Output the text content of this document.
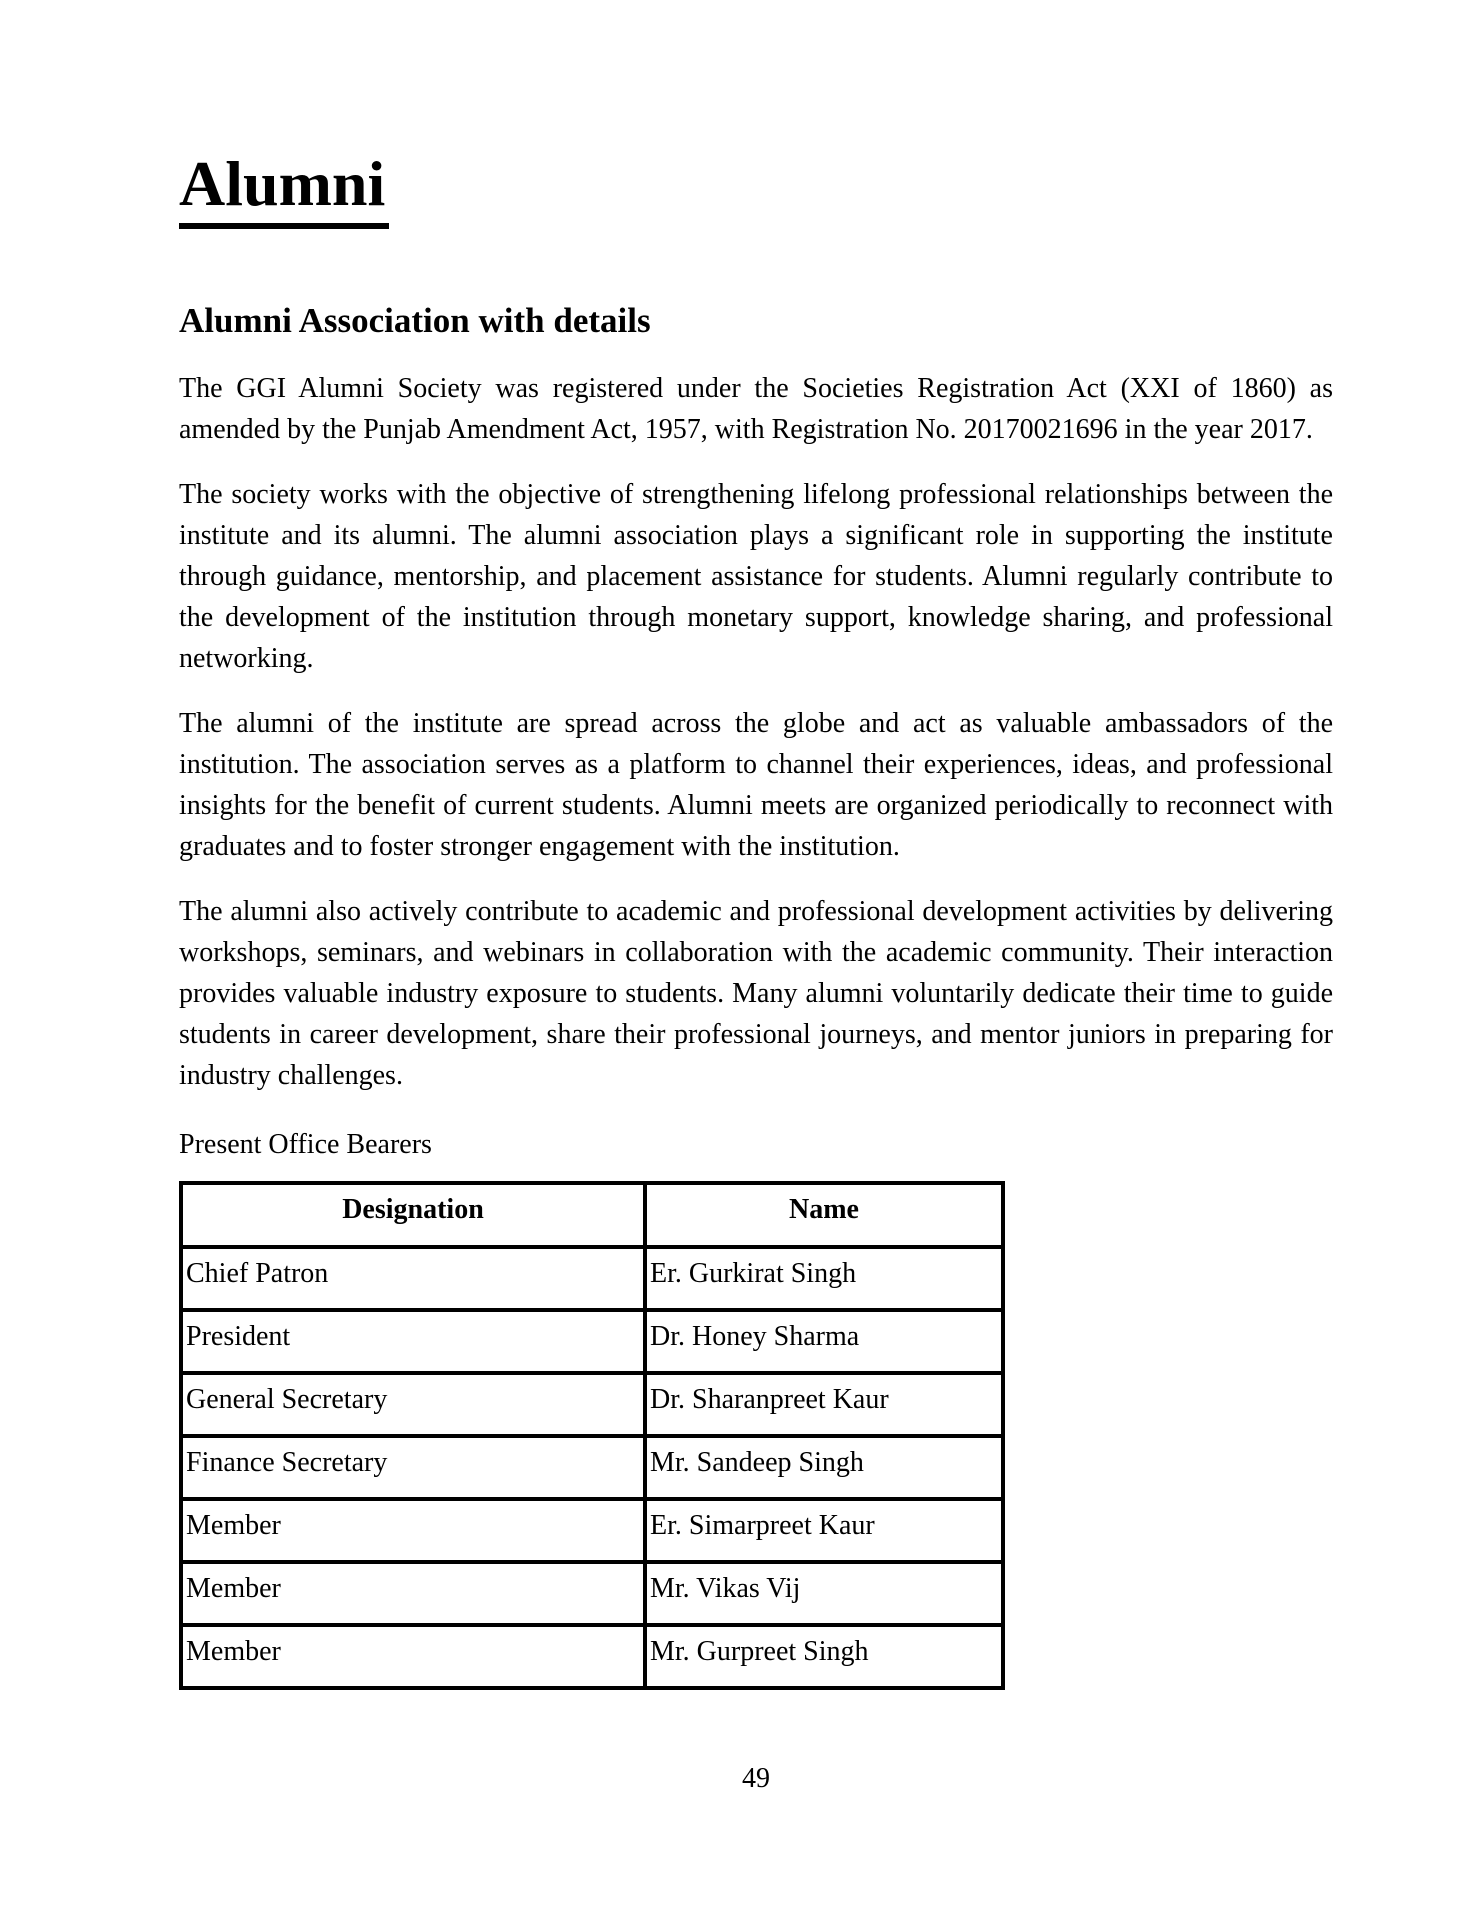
Alumni
Alumni Association with details

The GGI Alumni Society was registered under the Societies Registration Act (XXI of 1860) as amended by the Punjab Amendment Act, 1957, with Registration No. 20170021696 in the year 2017.

The society works with the objective of strengthening lifelong professional relationships between the institute and its alumni. The alumni association plays a significant role in supporting the institute through guidance, mentorship, and placement assistance for students. Alumni regularly contribute to the development of the institution through monetary support, knowledge sharing, and professional networking.

The alumni of the institute are spread across the globe and act as valuable ambassadors of the institution. The association serves as a platform to channel their experiences, ideas, and professional insights for the benefit of current students. Alumni meets are organized periodically to reconnect with graduates and to foster stronger engagement with the institution.

The alumni also actively contribute to academic and professional development activities by delivering workshops, seminars, and webinars in collaboration with the academic community. Their interaction provides valuable industry exposure to students. Many alumni voluntarily dedicate their time to guide students in career development, share their professional journeys, and mentor juniors in preparing for industry challenges.

Present Office Bearers

Designation	Name
Chief Patron	Er. Gurkirat Singh
President	Dr. Honey Sharma
General Secretary	Dr. Sharanpreet Kaur
Finance Secretary	Mr. Sandeep Singh
Member	Er. Simarpreet Kaur
Member	Mr. Vikas Vij
Member	Mr. Gurpreet Singh
49
